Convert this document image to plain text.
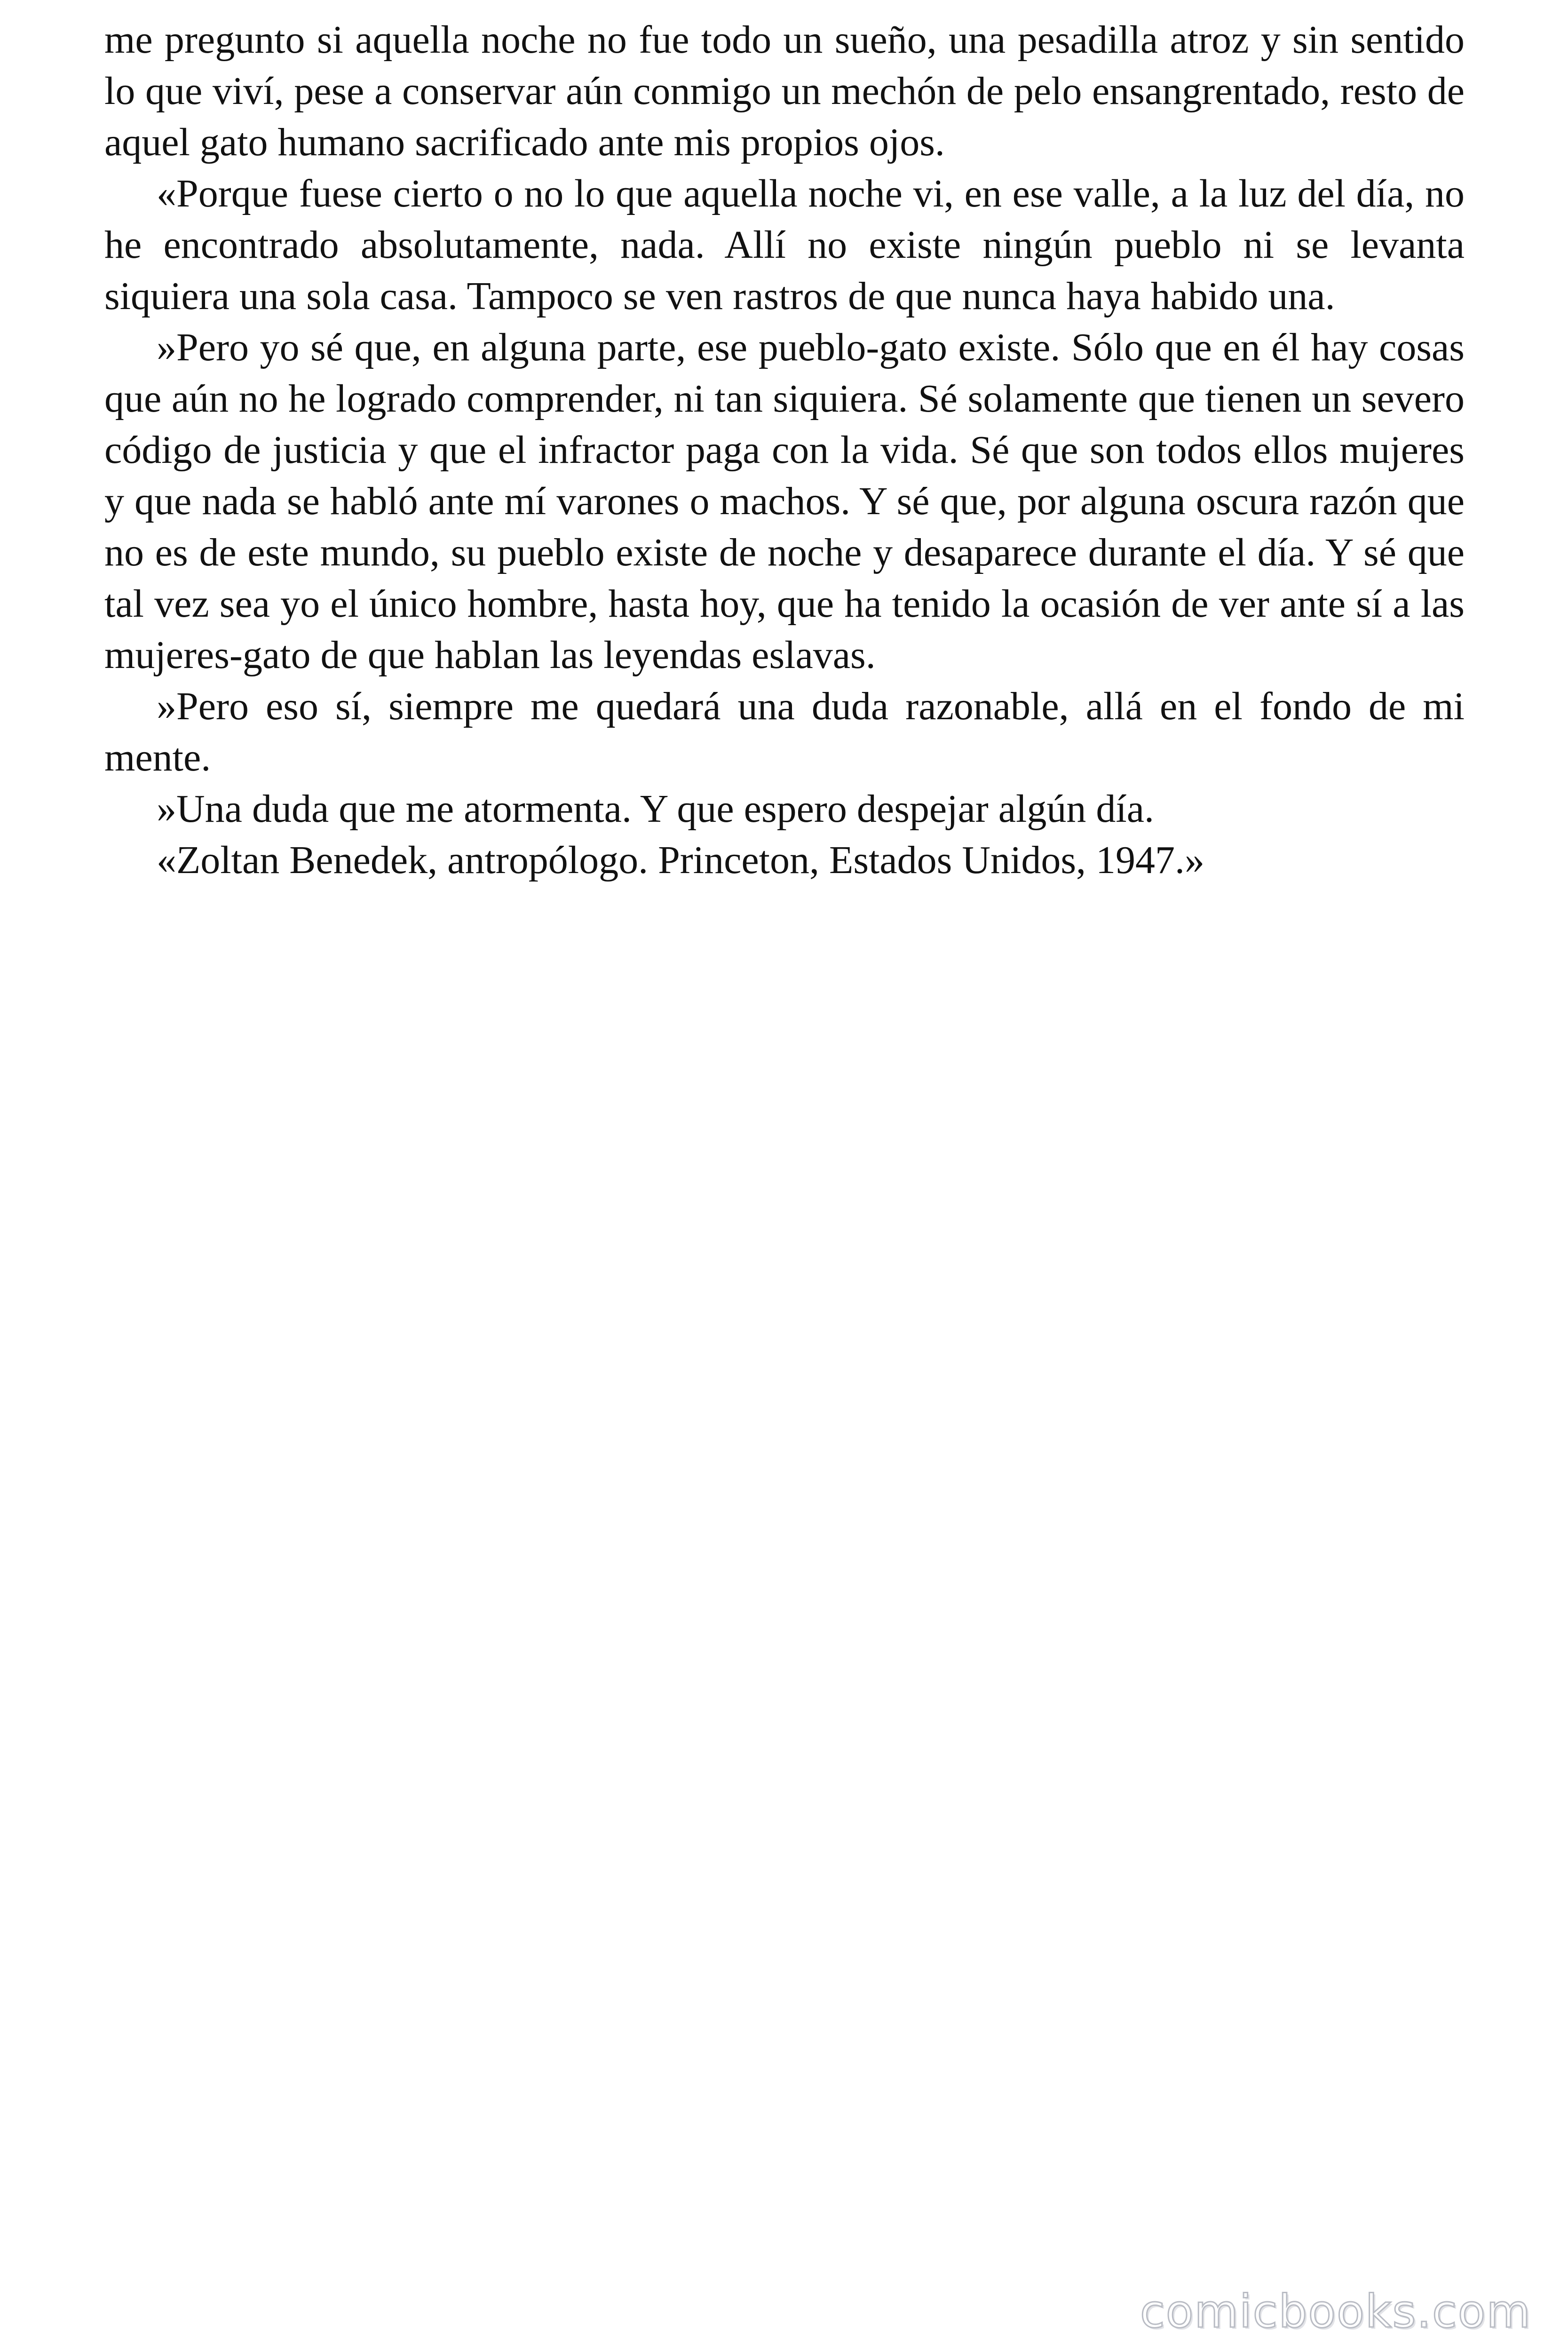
me pregunto si aquella noche no fue todo un sueño, una pesadilla atroz y sin sentido lo que viví, pese a conservar aún conmigo un mechón de pelo ensangrentado, resto de aquel gato humano sacrificado ante mis propios ojos.

«Porque fuese cierto o no lo que aquella noche vi, en ese valle, a la luz del día, no he encontrado absolutamente, nada. Allí no existe ningún pueblo ni se levanta siquiera una sola casa. Tampoco se ven rastros de que nunca haya habido una.

»Pero yo sé que, en alguna parte, ese pueblo-gato existe. Sólo que en él hay cosas que aún no he logrado comprender, ni tan siquiera. Sé solamente que tienen un severo código de justicia y que el infractor paga con la vida. Sé que son todos ellos mujeres y que nada se habló ante mí varones o machos. Y sé que, por alguna oscura razón que no es de este mundo, su pueblo existe de noche y desaparece durante el día. Y sé que tal vez sea yo el único hombre, hasta hoy, que ha tenido la ocasión de ver ante sí a las mujeres-gato de que hablan las leyendas eslavas.

»Pero eso sí, siempre me quedará una duda razonable, allá en el fondo de mi mente.

»Una duda que me atormenta. Y que espero despejar algún día.

«Zoltan Benedek, antropólogo. Princeton, Estados Unidos, 1947.»

comicbooks.com
